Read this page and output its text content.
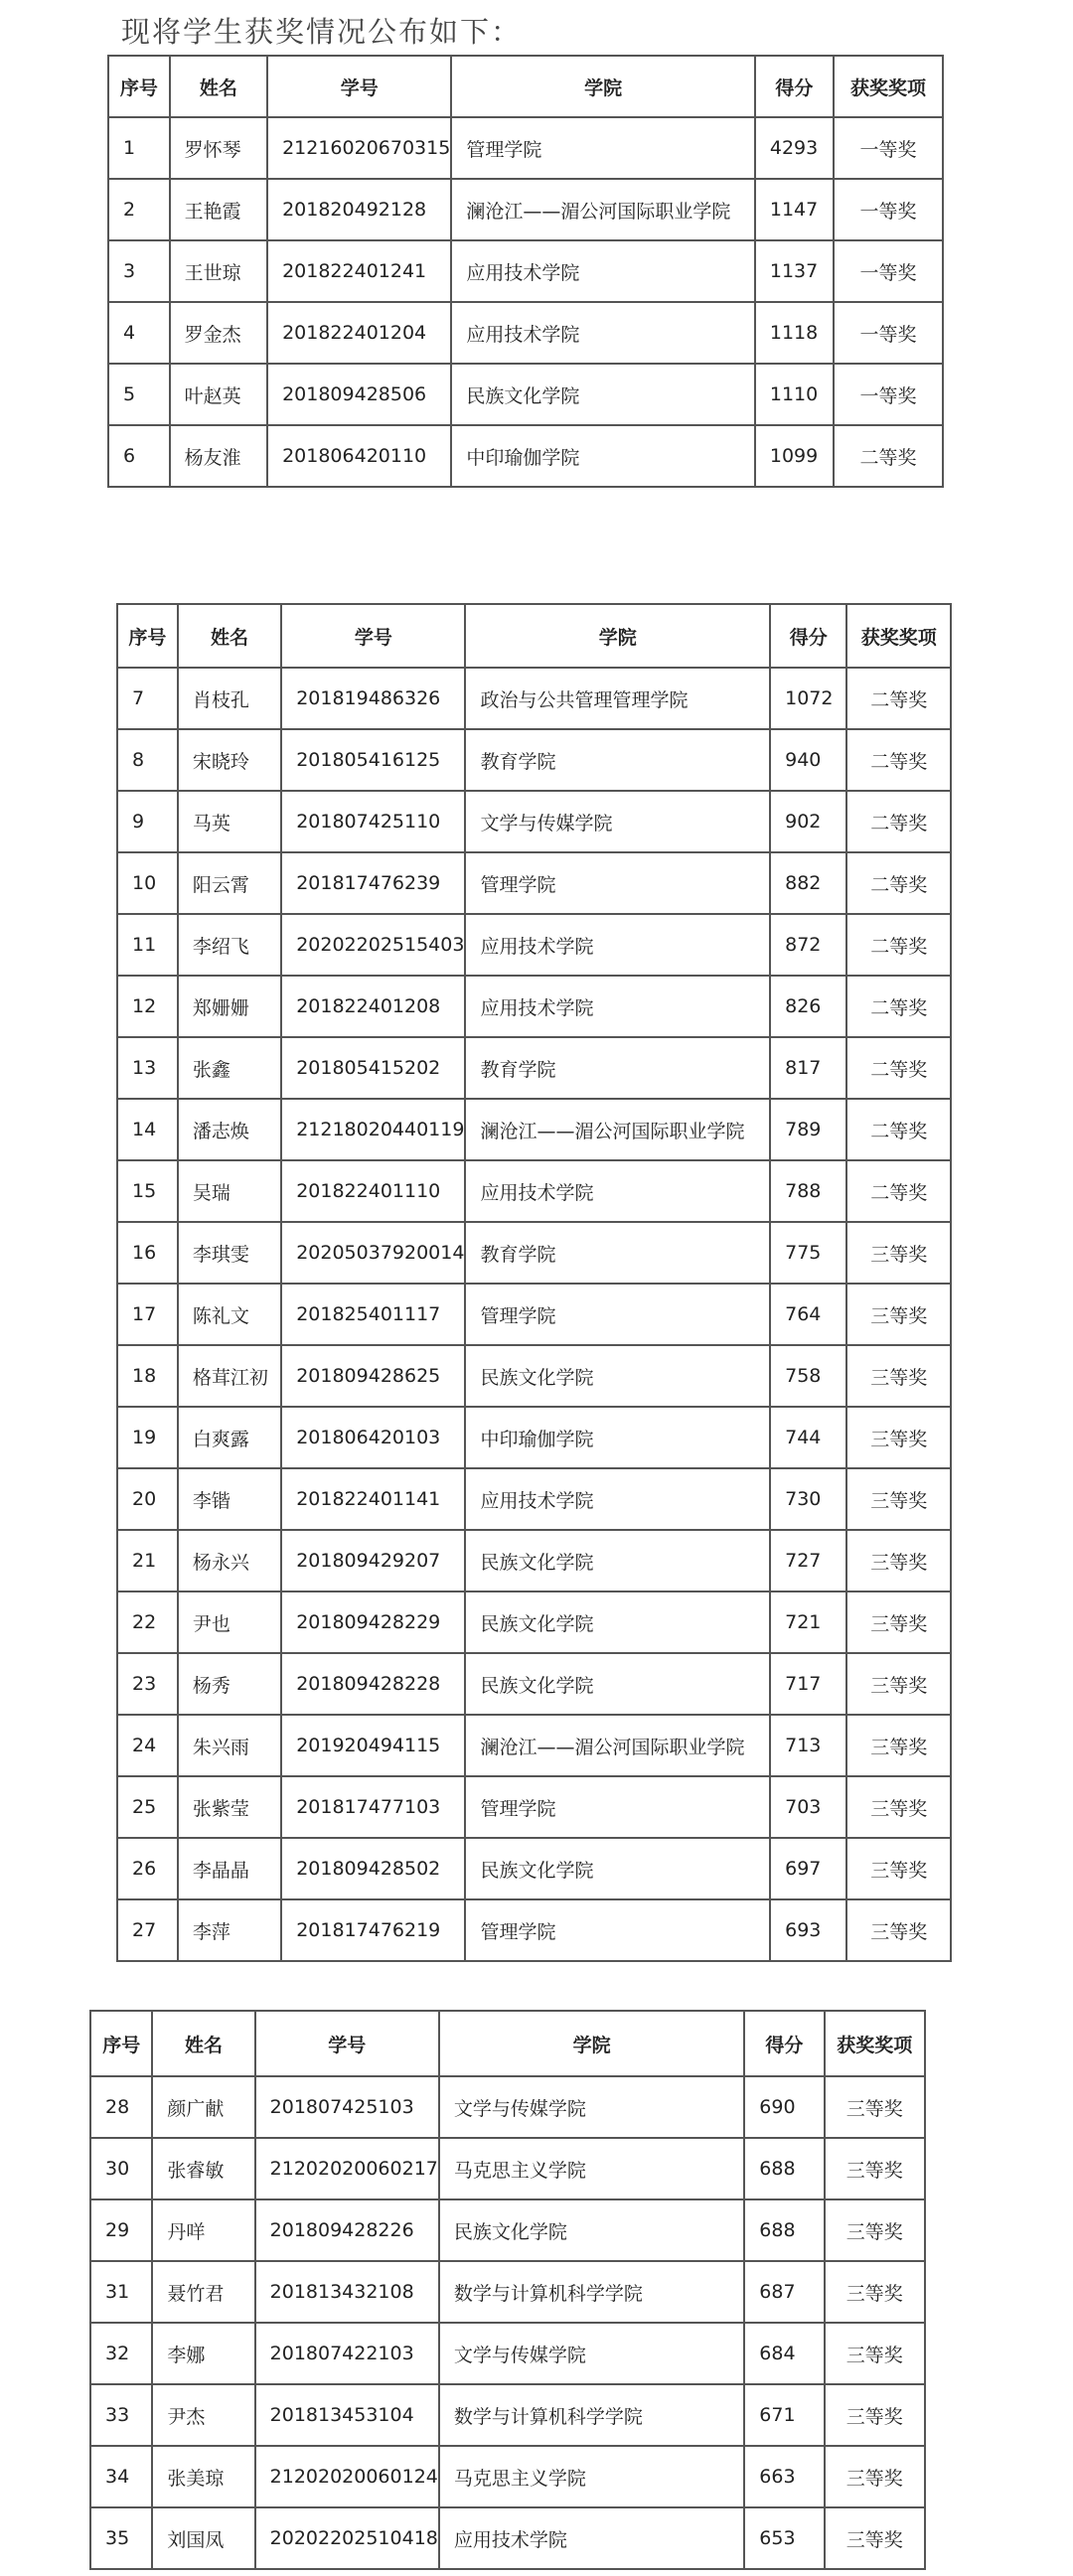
现将学生获奖情况公布如下：
序号	姓名	学号	学院	得分	获奖奖项
1	罗怀琴	21216020670315	管理学院	4293	一等奖
2	王艳霞	201820492128	澜沧江——湄公河国际职业学院	1147	一等奖
3	王世琼	201822401241	应用技术学院	1137	一等奖
4	罗金杰	201822401204	应用技术学院	1118	一等奖
5	叶赵英	201809428506	民族文化学院	1110	一等奖
6	杨友淮	201806420110	中印瑜伽学院	1099	二等奖
序号	姓名	学号	学院	得分	获奖奖项
7	肖枝孔	201819486326	政治与公共管理管理学院	1072	二等奖
8	宋晓玲	201805416125	教育学院	940	二等奖
9	马英	201807425110	文学与传媒学院	902	二等奖
10	阳云霄	201817476239	管理学院	882	二等奖
11	李绍飞	20202202515403	应用技术学院	872	二等奖
12	郑姗姗	201822401208	应用技术学院	826	二等奖
13	张鑫	201805415202	教育学院	817	二等奖
14	潘志焕	21218020440119	澜沧江——湄公河国际职业学院	789	二等奖
15	吴瑞	201822401110	应用技术学院	788	二等奖
16	李琪雯	20205037920014	教育学院	775	三等奖
17	陈礼文	201825401117	管理学院	764	三等奖
18	格茸江初	201809428625	民族文化学院	758	三等奖
19	白爽露	201806420103	中印瑜伽学院	744	三等奖
20	李锴	201822401141	应用技术学院	730	三等奖
21	杨永兴	201809429207	民族文化学院	727	三等奖
22	尹也	201809428229	民族文化学院	721	三等奖
23	杨秀	201809428228	民族文化学院	717	三等奖
24	朱兴雨	201920494115	澜沧江——湄公河国际职业学院	713	三等奖
25	张紫莹	201817477103	管理学院	703	三等奖
26	李晶晶	201809428502	民族文化学院	697	三等奖
27	李萍	201817476219	管理学院	693	三等奖
序号	姓名	学号	学院	得分	获奖奖项
28	颜广献	201807425103	文学与传媒学院	690	三等奖
30	张睿敏	21202020060217	马克思主义学院	688	三等奖
29	丹咩	201809428226	民族文化学院	688	三等奖
31	聂竹君	201813432108	数学与计算机科学学院	687	三等奖
32	李娜	201807422103	文学与传媒学院	684	三等奖
33	尹杰	201813453104	数学与计算机科学学院	671	三等奖
34	张美琼	21202020060124	马克思主义学院	663	三等奖
35	刘国凤	20202202510418	应用技术学院	653	三等奖
